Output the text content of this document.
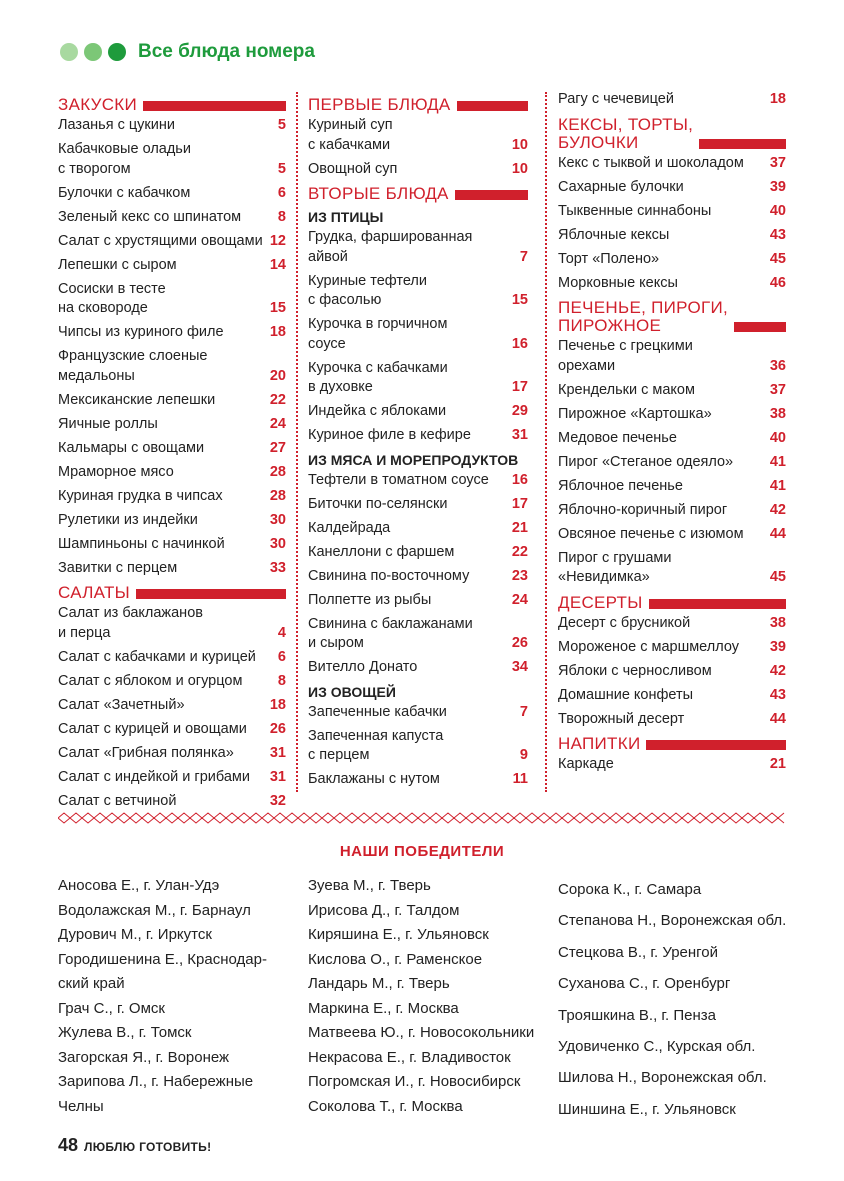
Все блюда номера
ЗАКУСКИ
Лазанья с цукини	5
Кабачковые оладьи
с творогом	5
Булочки с кабачком	6
Зеленый кекс со шпинатом	8
Салат с хрустящими овощами 12
Лепешки с сыром	14
Сосиски в тесте
на сковороде	15
Чипсы из куриного филе	18
Французские слоеные
медальоны	20
Мексиканские лепешки	22
Яичные роллы	24
Кальмары с овощами	27
Мраморное мясо	28
Куриная грудка в чипсах	28
Рулетики из индейки	30
Шампиньоны с начинкой	30
Завитки с перцем	33
САЛАТЫ
Салат из баклажанов
и перца	4
Салат с кабачками и курицей	6
Салат с яблоком и огурцом	8
Салат «Зачетный»	18
Салат с курицей и овощами	26
Салат «Грибная полянка»	31
Салат с индейкой и грибами	31
Салат с ветчиной	32
ПЕРВЫЕ БЛЮДА
Куриный суп
с кабачками	10
Овощной суп	10
ВТОРЫЕ БЛЮДА
ИЗ ПТИЦЫ
Грудка, фаршированная
айвой	7
Куриные тефтели
с фасолью	15
Курочка в горчичном
соусе	16
Курочка с кабачками
в духовке	17
Индейка с яблоками	29
Куриное филе в кефире	31
ИЗ МЯСА И МОРЕПРОДУКТОВ
Тефтели в томатном соусе	16
Биточки по-селянски	17
Калдейрада	21
Канеллони с фаршем	22
Свинина по-восточному	23
Полпетте из рыбы	24
Свинина с баклажанами
и сыром	26
Вителло Донато	34
ИЗ ОВОЩЕЙ
Запеченные кабачки	7
Запеченная капуста
с перцем	9
Баклажаны с нутом	11
Рагу с чечевицей	18
КЕКСЫ, ТОРТЫ,
БУЛОЧКИ
Кекс с тыквой и шоколадом	37
Сахарные булочки	39
Тыквенные синнабоны	40
Яблочные кексы	43
Торт «Полено»	45
Морковные кексы	46
ПЕЧЕНЬЕ, ПИРОГИ,
ПИРОЖНОЕ
Печенье с грецкими
орехами	36
Крендельки с маком	37
Пирожное «Картошка»	38
Медовое печенье	40
Пирог «Стеганое одеяло»	41
Яблочное печенье	41
Яблочно-коричный пирог	42
Овсяное печенье с изюмом	44
Пирог с грушами
«Невидимка»	45
ДЕСЕРТЫ
Десерт с брусникой	38
Мороженое с маршмеллоу	39
Яблоки с черносливом	42
Домашние конфеты	43
Творожный десерт	44
НАПИТКИ
Каркаде	21
НАШИ ПОБЕДИТЕЛИ
Аносова Е., г. Улан-Удэ
Водолажская М., г. Барнаул
Дурович М., г. Иркутск
Городишенина Е., Краснодар-
ский край
Грач С., г. Омск
Жулева В., г. Томск
Загорская Я., г. Воронеж
Зарипова Л., г. Набережные
Челны
Зуева М., г. Тверь
Ирисова Д., г. Талдом
Киряшина Е., г. Ульяновск
Кислова О., г. Раменское
Ландарь М., г. Тверь
Маркина Е., г. Москва
Матвеева Ю., г. Новосокольники
Некрасова Е., г. Владивосток
Погромская И., г. Новосибирск
Соколова Т., г. Москва
Сорока К., г. Самара
Степанова Н., Воронежская обл.
Стецкова В., г. Уренгой
Суханова С., г. Оренбург
Трояшкина В., г. Пенза
Удовиченко С., Курская обл.
Шилова Н., Воронежская обл.
Шиншина Е., г. Ульяновск
48 ЛЮБЛЮ ГОТОВИТЬ!
